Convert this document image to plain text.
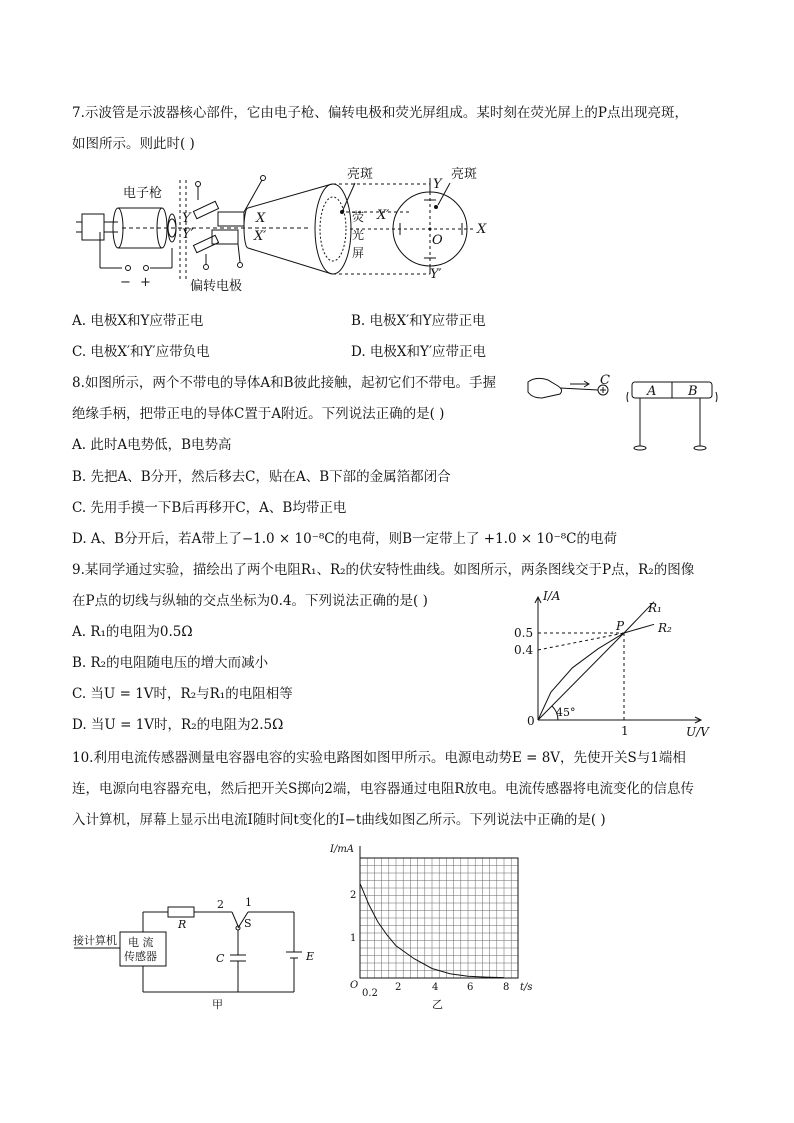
7.示波管是示波器核心部件，它由电子枪、偏转电极和荧光屏组成。某时刻在荧光屏上的P点出现亮斑，
如图所示。则此时( )
电子枪
− +	偏转电极
亮斑	亮斑
荧光屏
Y
Y′
X
X′
Y
Y′
X
X′
O
A. 电极X和Y应带正电	B. 电极X′和Y应带正电
C. 电极X′和Y′应带负电	D. 电极X和Y′应带正电
8.如图所示，两个不带电的导体A和B彼此接触，起初它们不带电。手握
绝缘手柄，把带正电的导体C置于A附近。下列说法正确的是( )
C
A B
A. 此时A电势低，B电势高
B. 先把A、B分开，然后移去C，贴在A、B下部的金属箔都闭合
C. 先用手摸一下B后再移开C，A、B均带正电
D. A、B分开后，若A带上了−1.0 × 10⁻⁸C的电荷，则B一定带上了 +1.0 × 10⁻⁸C的电荷
9.某同学通过实验，描绘出了两个电阻R₁、R₂的伏安特性曲线。如图所示，两条图线交于P点，R₂的图像
在P点的切线与纵轴的交点坐标为0.4。下列说法正确的是( )	I/A
U/V
0.5
0.4
1
0
45°
P
R₁
R₂
A. R₁的电阻为0.5Ω
B. R₂的电阻随电压的增大而减小
C. 当U = 1V时，R₂与R₁的电阻相等
D. 当U = 1V时，R₂的电阻为2.5Ω
10.利用电流传感器测量电容器电容的实验电路图如图甲所示。电源电动势E = 8V，先使开关S与1端相
连，电源向电容器充电，然后把开关S掷向2端，电容器通过电阻R放电。电流传感器将电流变化的信息传
入计算机，屏幕上显示出电流I随时间t变化的I−t曲线如图乙所示。下列说法中正确的是( )
接计算机 电 流
传感器
甲
R
2 1
S
C	E
I/mA
t/s
O
0.2
2	4	6	8
2
1
乙
